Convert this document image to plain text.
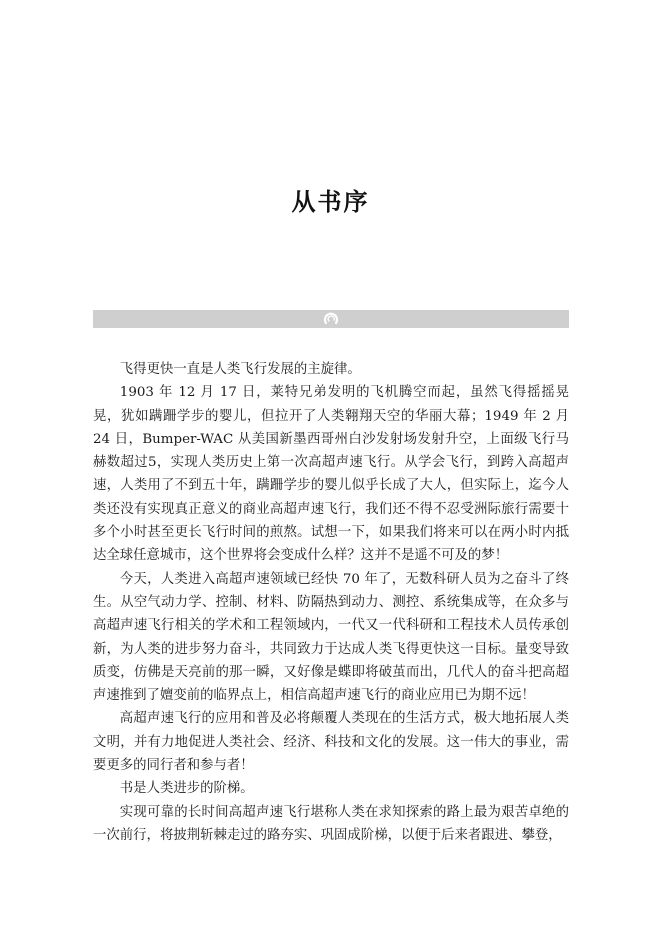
从书序

飞得更快一直是人类飞行发展的主旋律。

1903 年 12 月 17 日，莱特兄弟发明的飞机腾空而起，虽然飞得摇摇晃晃，犹如蹒跚学步的婴儿，但拉开了人类翱翔天空的华丽大幕；1949 年 2 月 24 日，Bumper-WAC 从美国新墨西哥州白沙发射场发射升空，上面级飞行马赫数超过5，实现人类历史上第一次高超声速飞行。从学会飞行，到跨入高超声速，人类用了不到五十年，蹒跚学步的婴儿似乎长成了大人，但实际上，迄今人类还没有实现真正意义的商业高超声速飞行，我们还不得不忍受洲际旅行需要十多个小时甚至更长飞行时间的煎熬。试想一下，如果我们将来可以在两小时内抵达全球任意城市，这个世界将会变成什么样？这并不是遥不可及的梦！

今天，人类进入高超声速领域已经快 70 年了，无数科研人员为之奋斗了终生。从空气动力学、控制、材料、防隔热到动力、测控、系统集成等，在众多与高超声速飞行相关的学术和工程领域内，一代又一代科研和工程技术人员传承创新，为人类的进步努力奋斗，共同致力于达成人类飞得更快这一目标。量变导致质变，仿佛是天亮前的那一瞬，又好像是蝶即将破茧而出，几代人的奋斗把高超声速推到了嬗变前的临界点上，相信高超声速飞行的商业应用已为期不远！

高超声速飞行的应用和普及必将颠覆人类现在的生活方式，极大地拓展人类文明，并有力地促进人类社会、经济、科技和文化的发展。这一伟大的事业，需要更多的同行者和参与者！

书是人类进步的阶梯。

实现可靠的长时间高超声速飞行堪称人类在求知探索的路上最为艰苦卓绝的一次前行，将披荆斩棘走过的路夯实、巩固成阶梯，以便于后来者跟进、攀登，
